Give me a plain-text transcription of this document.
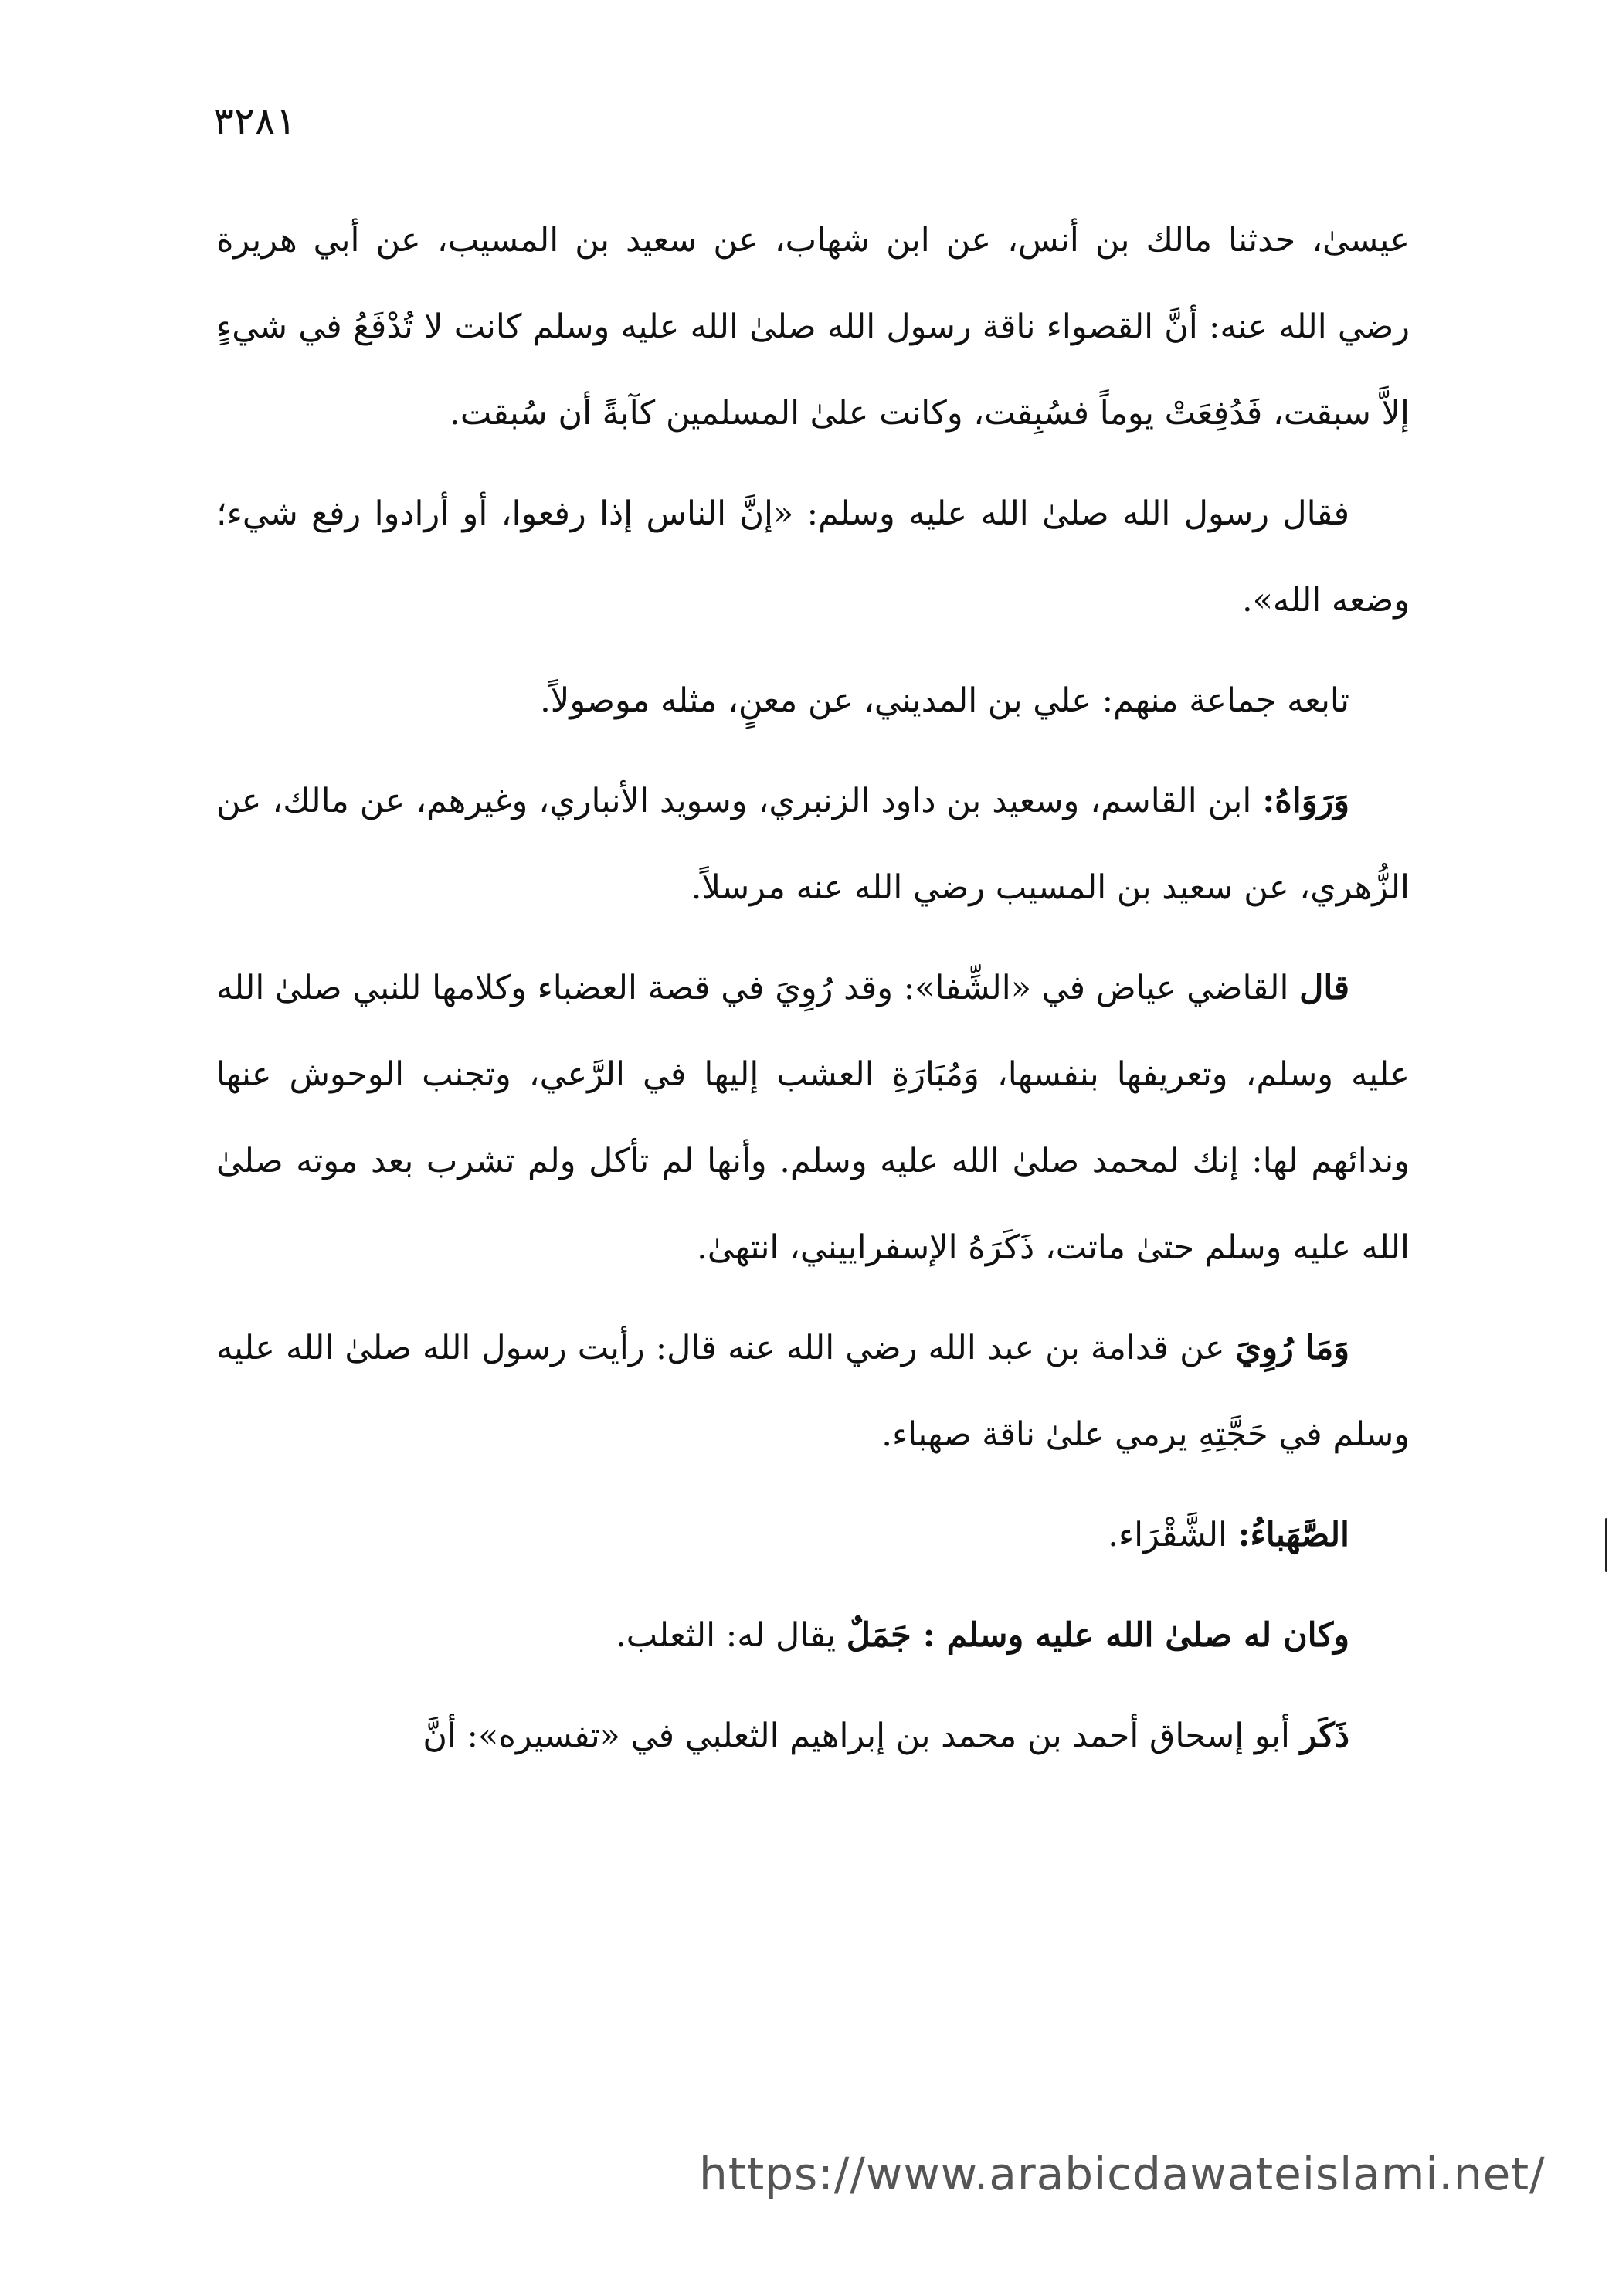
٣٢٨١

عيسىٰ، حدثنا مالك بن أنس، عن ابن شهاب، عن سعيد بن المسيب، عن أبي هريرة رضي الله عنه: أنَّ القصواء ناقة رسول الله صلىٰ الله عليه وسلم كانت لا تُدْفَعُ في شيءٍ إلاَّ سبقت، فَدُفِعَتْ يوماً فسُبِقت، وكانت علىٰ المسلمين كآبةً أن سُبقت.

فقال رسول الله صلىٰ الله عليه وسلم: «إنَّ الناس إذا رفعوا، أو أرادوا رفع شيء؛ وضعه الله».

تابعه جماعة منهم: علي بن المديني، عن معنٍ، مثله موصولاً.

وَرَوَاهُ: ابن القاسم، وسعيد بن داود الزنبري، وسويد الأنباري، وغيرهم، عن مالك، عن الزُّهري، عن سعيد بن المسيب رضي الله عنه مرسلاً.

قال القاضي عياض في «الشِّفا»: وقد رُوِيَ في قصة العضباء وكلامها للنبي صلىٰ الله عليه وسلم، وتعريفها بنفسها، وَمُبَارَةِ العشب إليها في الرَّعي، وتجنب الوحوش عنها وندائهم لها: إنك لمحمد صلىٰ الله عليه وسلم. وأنها لم تأكل ولم تشرب بعد موته صلىٰ الله عليه وسلم حتىٰ ماتت، ذَكَرَهُ الإسفراييني، انتهىٰ.

وَمَا رُوِيَ عن قدامة بن عبد الله رضي الله عنه قال: رأيت رسول الله صلىٰ الله عليه وسلم في حَجَّتِهِ يرمي علىٰ ناقة صهباء.

الصَّهَباءُ: الشَّقْرَاء.

وكان له صلىٰ الله عليه وسلم : جَمَلٌ يقال له: الثعلب.

ذَكَر أبو إسحاق أحمد بن محمد بن إبراهيم الثعلبي في «تفسيره»: أنَّ

https://www.arabicdawateislami.net/
